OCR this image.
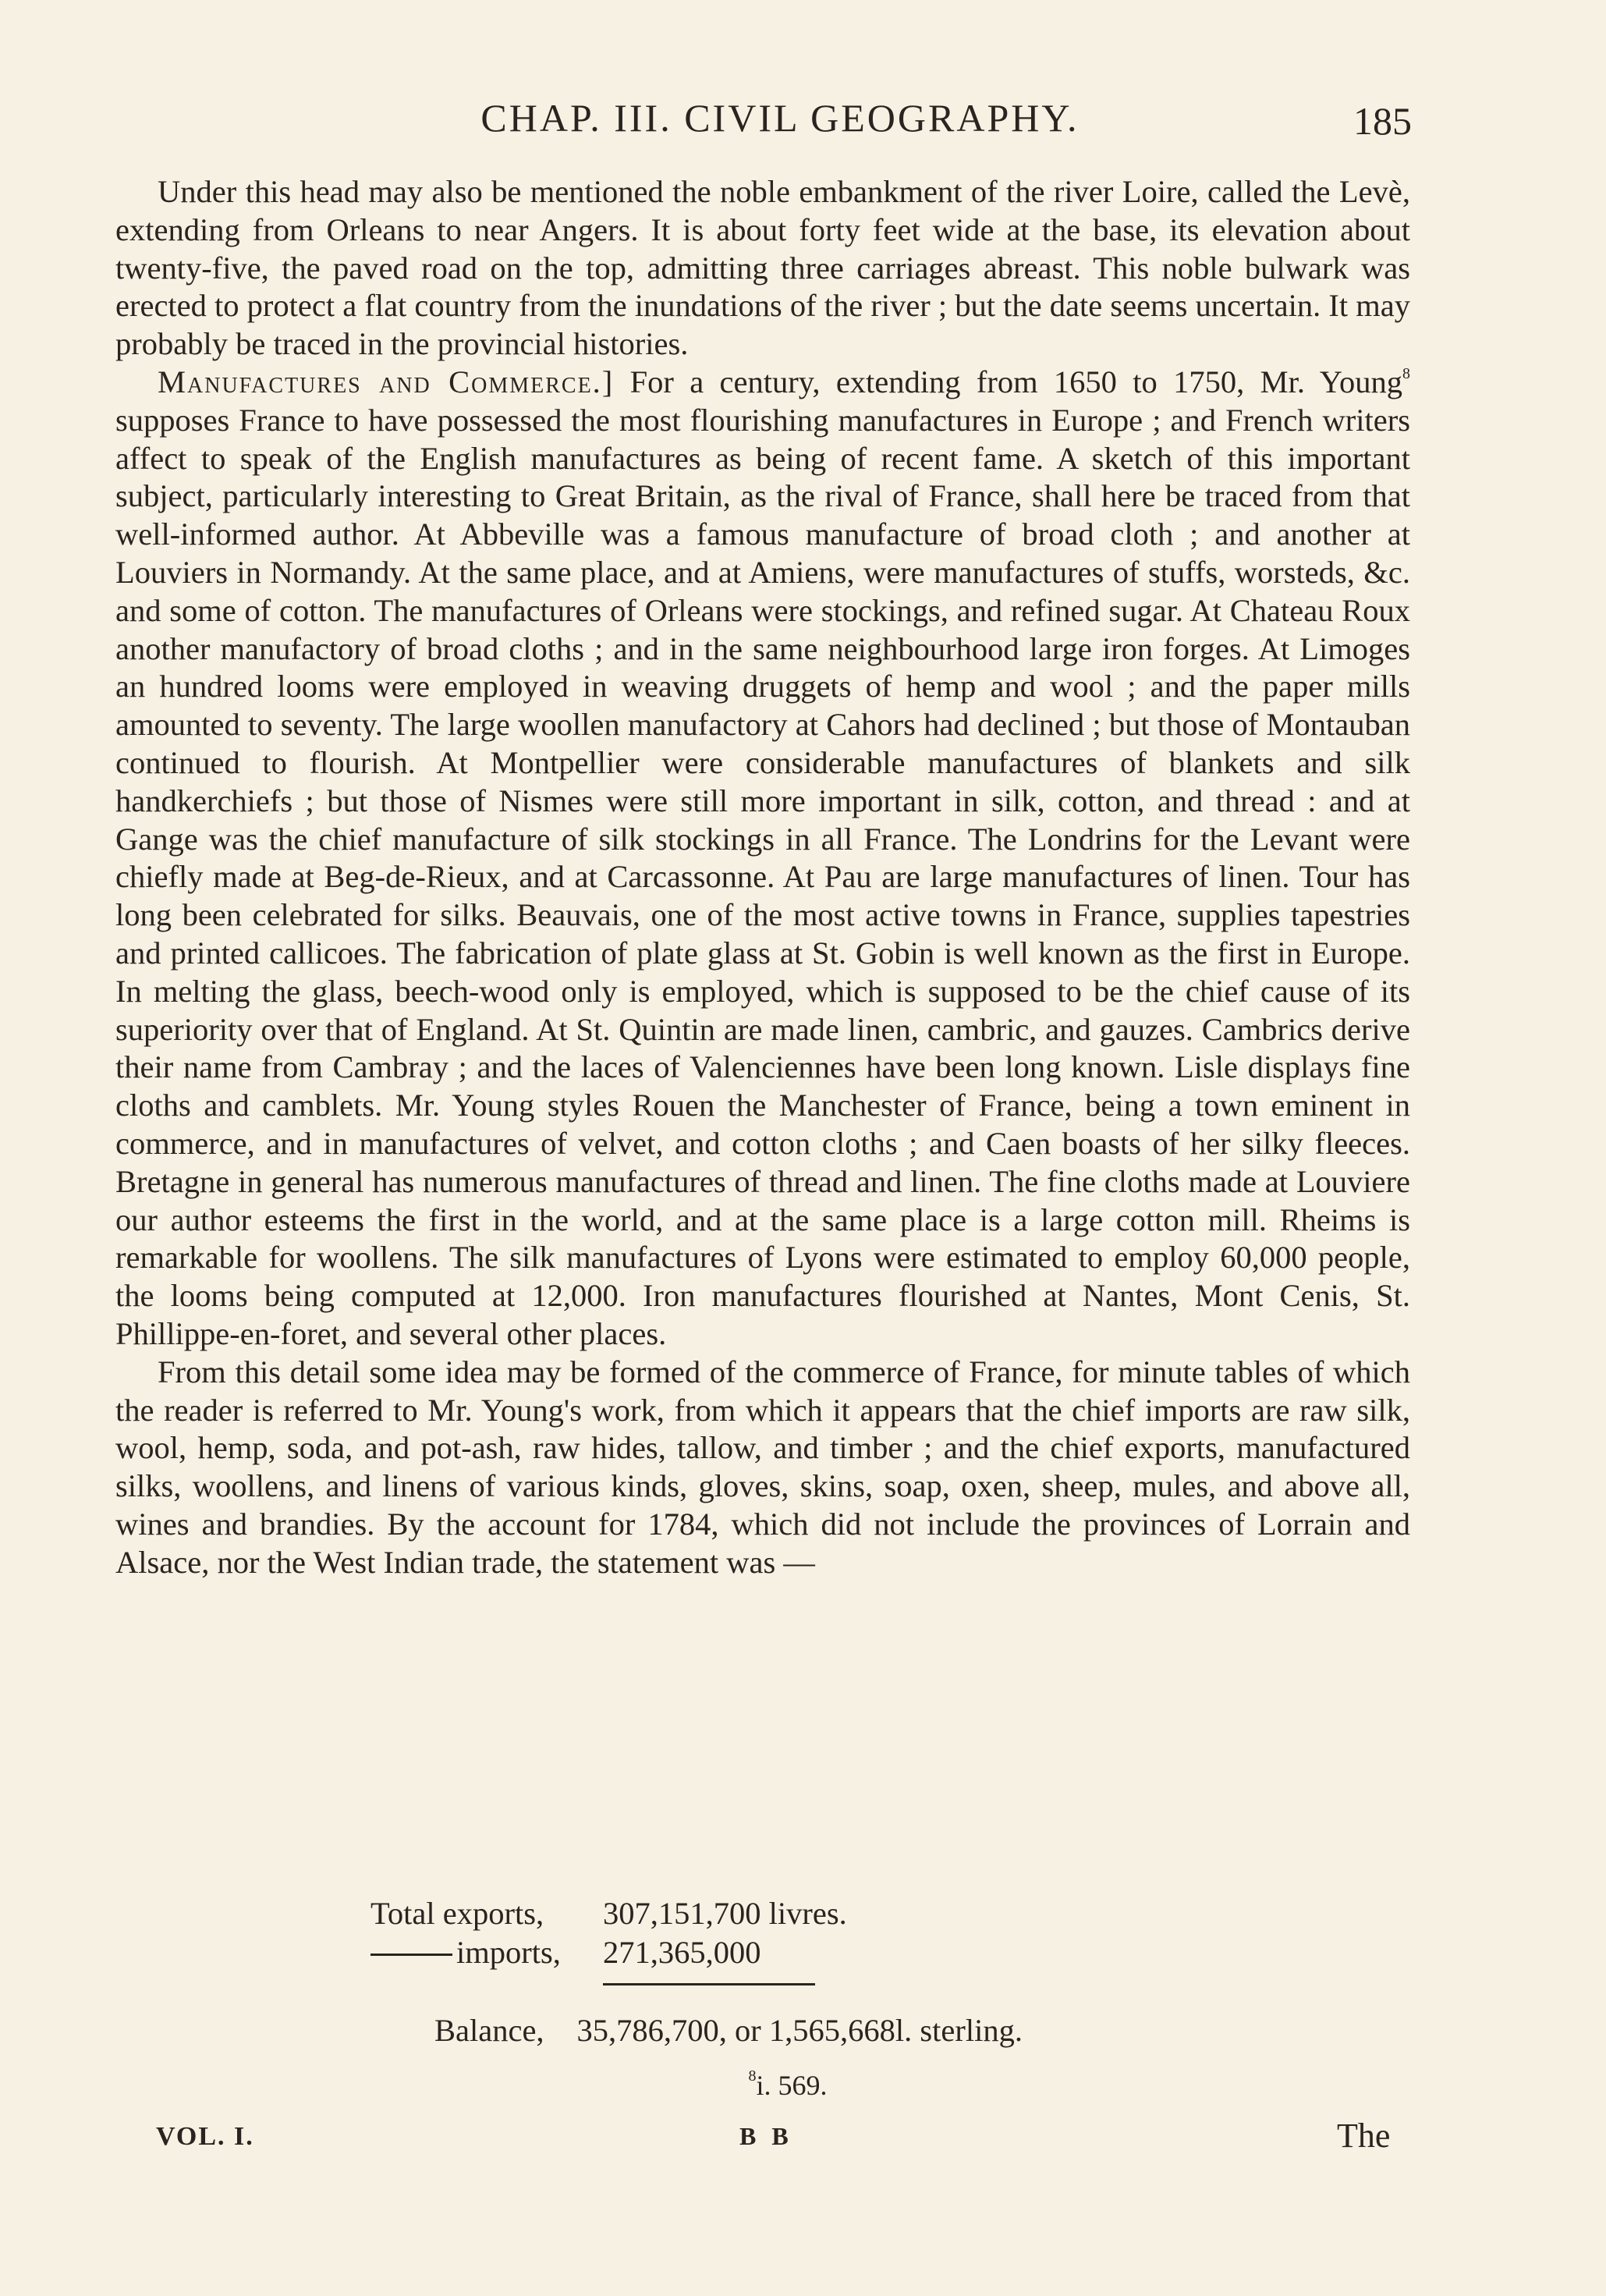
CHAP. III. CIVIL GEOGRAPHY.	185

Under this head may also be mentioned the noble embankment of the river Loire, called the Levè, extending from Orleans to near Angers. It is about forty feet wide at the base, its elevation about twenty-five, the paved road on the top, admitting three carriages abreast. This noble bulwark was erected to protect a flat country from the inundations of the river ; but the date seems uncertain. It may probably be traced in the provincial histories.

Manufactures and Commerce.] For a century, extending from 1650 to 1750, Mr. Young$^8$ supposes France to have possessed the most flourishing manufactures in Europe ; and French writers affect to speak of the English manufactures as being of recent fame. A sketch of this important subject, particularly interesting to Great Britain, as the rival of France, shall here be traced from that well-informed author. At Abbeville was a famous manufacture of broad cloth ; and another at Louviers in Normandy. At the same place, and at Amiens, were manufactures of stuffs, worsteds, &c. and some of cotton. The manufactures of Orleans were stockings, and refined sugar. At Chateau Roux another manufactory of broad cloths ; and in the same neighbourhood large iron forges. At Limoges an hundred looms were employed in weaving druggets of hemp and wool ; and the paper mills amounted to seventy. The large woollen manufactory at Cahors had declined ; but those of Montauban continued to flourish. At Montpellier were considerable manufactures of blankets and silk handkerchiefs ; but those of Nismes were still more important in silk, cotton, and thread : and at Gange was the chief manufacture of silk stockings in all France. The Londrins for the Levant were chiefly made at Beg-de-Rieux, and at Carcassonne. At Pau are large manufactures of linen. Tour has long been celebrated for silks. Beauvais, one of the most active towns in France, supplies tapestries and printed callicoes. The fabrication of plate glass at St. Gobin is well known as the first in Europe. In melting the glass, beech-wood only is employed, which is supposed to be the chief cause of its superiority over that of England. At St. Quintin are made linen, cambric, and gauzes. Cambrics derive their name from Cambray ; and the laces of Valenciennes have been long known. Lisle displays fine cloths and camblets. Mr. Young styles Rouen the Manchester of France, being a town eminent in commerce, and in manufactures of velvet, and cotton cloths ; and Caen boasts of her silky fleeces. Bretagne in general has numerous manufactures of thread and linen. The fine cloths made at Louviere our author esteems the first in the world, and at the same place is a large cotton mill. Rheims is remarkable for woollens. The silk manufactures of Lyons were estimated to employ 60,000 people, the looms being computed at 12,000. Iron manufactures flourished at Nantes, Mont Cenis, St. Phillippe-en-foret, and several other places.

From this detail some idea may be formed of the commerce of France, for minute tables of which the reader is referred to Mr. Young's work, from which it appears that the chief imports are raw silk, wool, hemp, soda, and pot-ash, raw hides, tallow, and timber ; and the chief exports, manufactured silks, woollens, and linens of various kinds, gloves, skins, soap, oxen, sheep, mules, and above all, wines and brandies. By the account for 1784, which did not include the provinces of Lorrain and Alsace, nor the West Indian trade, the statement was —

Total exports, 307,151,700 livres.
imports, 271,365,000
Balance, 35,786,700, or 1,565,668l. sterling.
$^8$i. 569.
VOL. I.	B B	The
